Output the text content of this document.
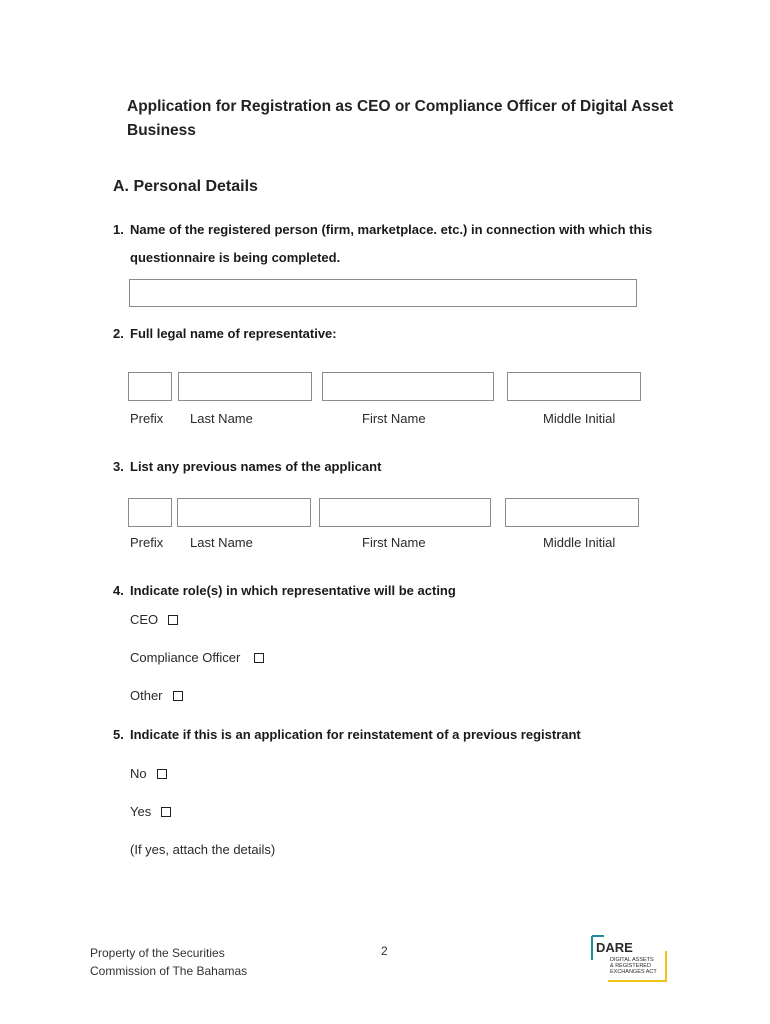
Application for Registration as CEO or Compliance Officer of Digital Asset
Business
A. Personal Details
1. Name of the registered person (firm, marketplace. etc.) in connection with which this
questionnaire is being completed.
2. Full legal name of representative:
Prefix Last Name	First Name	Middle Initial
3. List any previous names of the applicant
Prefix Last Name	First Name	Middle Initial
4. Indicate role(s) in which representative will be acting
CEO
Compliance Officer
Other
5. Indicate if this is an application for reinstatement of a previous registrant
No
Yes
(If yes, attach the details)
Property of the Securities
Commission of The Bahamas
2	DARE
DIGITAL ASSETS
& REGISTERED
EXCHANGES ACT
